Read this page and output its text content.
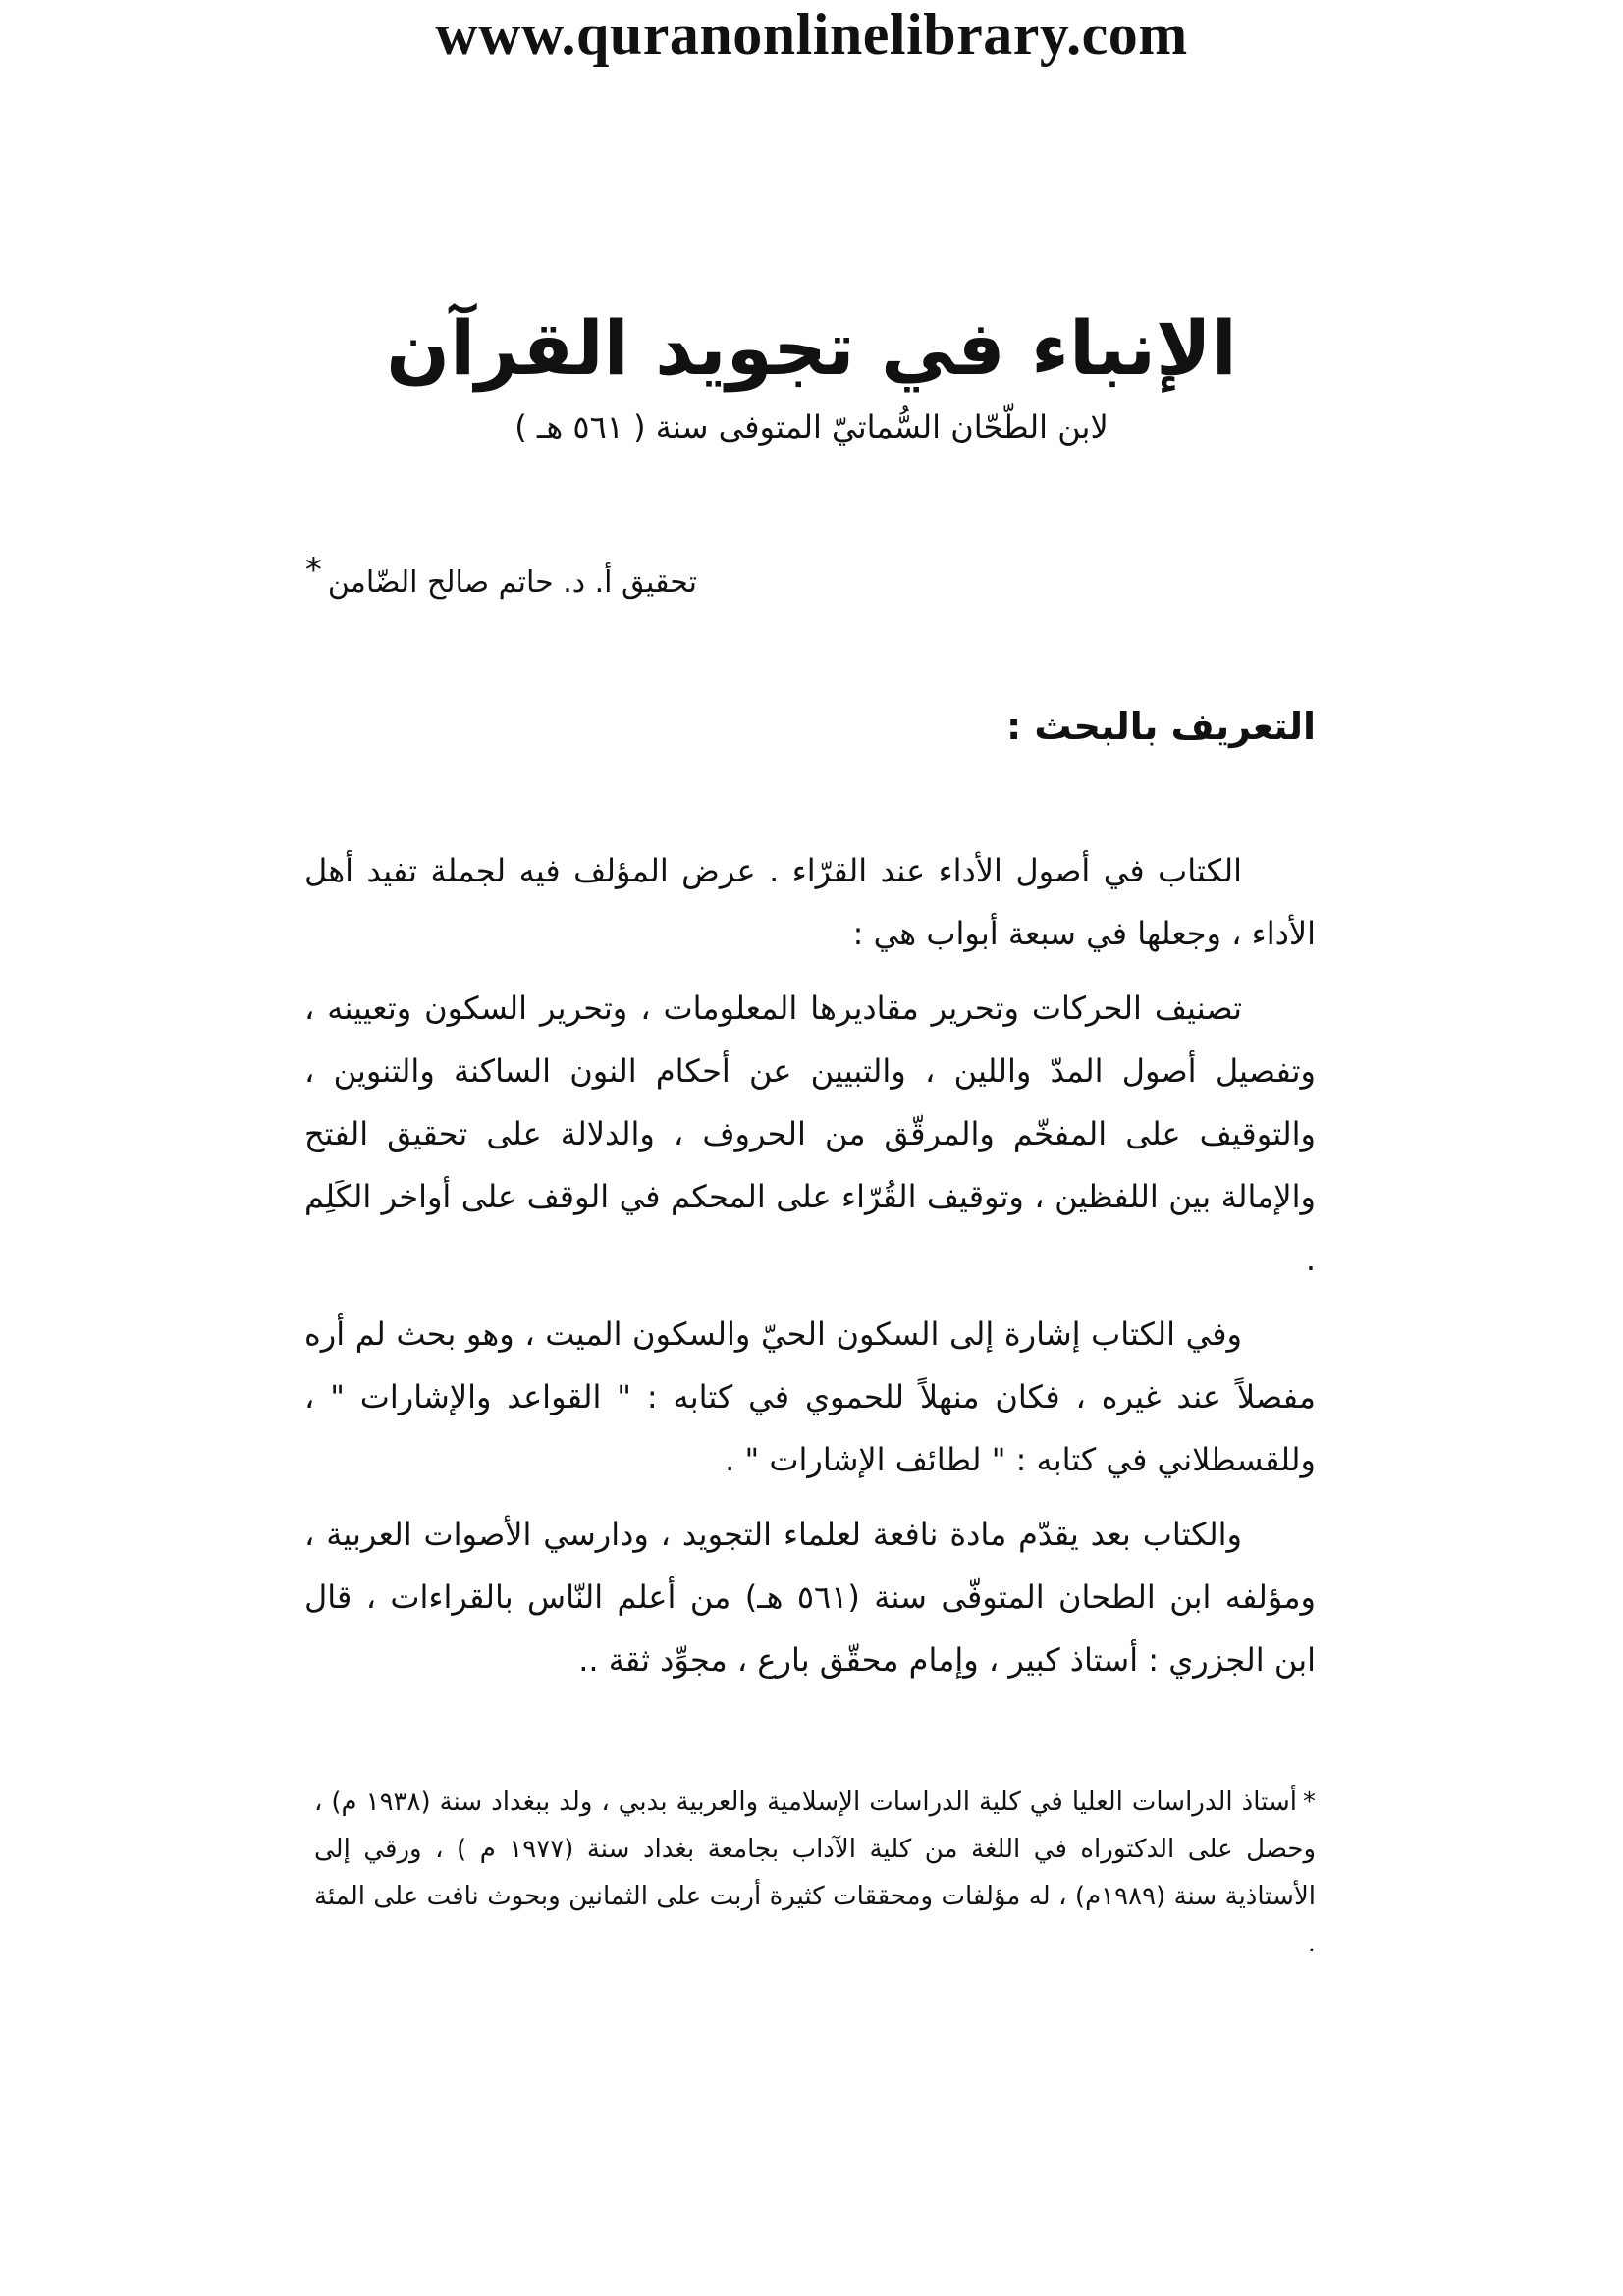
www.quranonlinelibrary.com
الإنباء في تجويد القرآن
لابن الطّحّان السُّماتيّ المتوفى سنة ( ٥٦١ هـ )
تحقيق أ. د. حاتم صالح الضّامن*
التعريف بالبحث :

الكتاب في أصول الأداء عند القرّاء . عرض المؤلف فيه لجملة تفيد أهل الأداء ، وجعلها في سبعة أبواب هي :

تصنيف الحركات وتحرير مقاديرها المعلومات ، وتحرير السكون وتعيينه ، وتفصيل أصول المدّ واللين ، والتبيين عن أحكام النون الساكنة والتنوين ، والتوقيف على المفخّم والمرقّق من الحروف ، والدلالة على تحقيق الفتح والإمالة بين اللفظين ، وتوقيف القُرّاء على المحكم في الوقف على أواخر الكَلِم .

وفي الكتاب إشارة إلى السكون الحيّ والسكون الميت ، وهو بحث لم أره مفصلاً عند غيره ، فكان منهلاً للحموي في كتابه : " القواعد والإشارات " ، وللقسطلاني في كتابه : " لطائف الإشارات " .

والكتاب بعد يقدّم مادة نافعة لعلماء التجويد ، ودارسي الأصوات العربية ، ومؤلفه ابن الطحان المتوفّى سنة (٥٦١ هـ) من أعلم النّاس بالقراءات ، قال ابن الجزري : أستاذ كبير ، وإمام محقّق بارع ، مجوِّد ثقة ..

*أستاذ الدراسات العليا في كلية الدراسات الإسلامية والعربية بدبي ، ولد ببغداد سنة (١٩٣٨ م) ، وحصل على الدكتوراه في اللغة من كلية الآداب بجامعة بغداد سنة (١٩٧٧ م ) ، ورقي إلى الأستاذية سنة (١٩٨٩م) ، له مؤلفات ومحققات كثيرة أربت على الثمانين وبحوث نافت على المئة .
